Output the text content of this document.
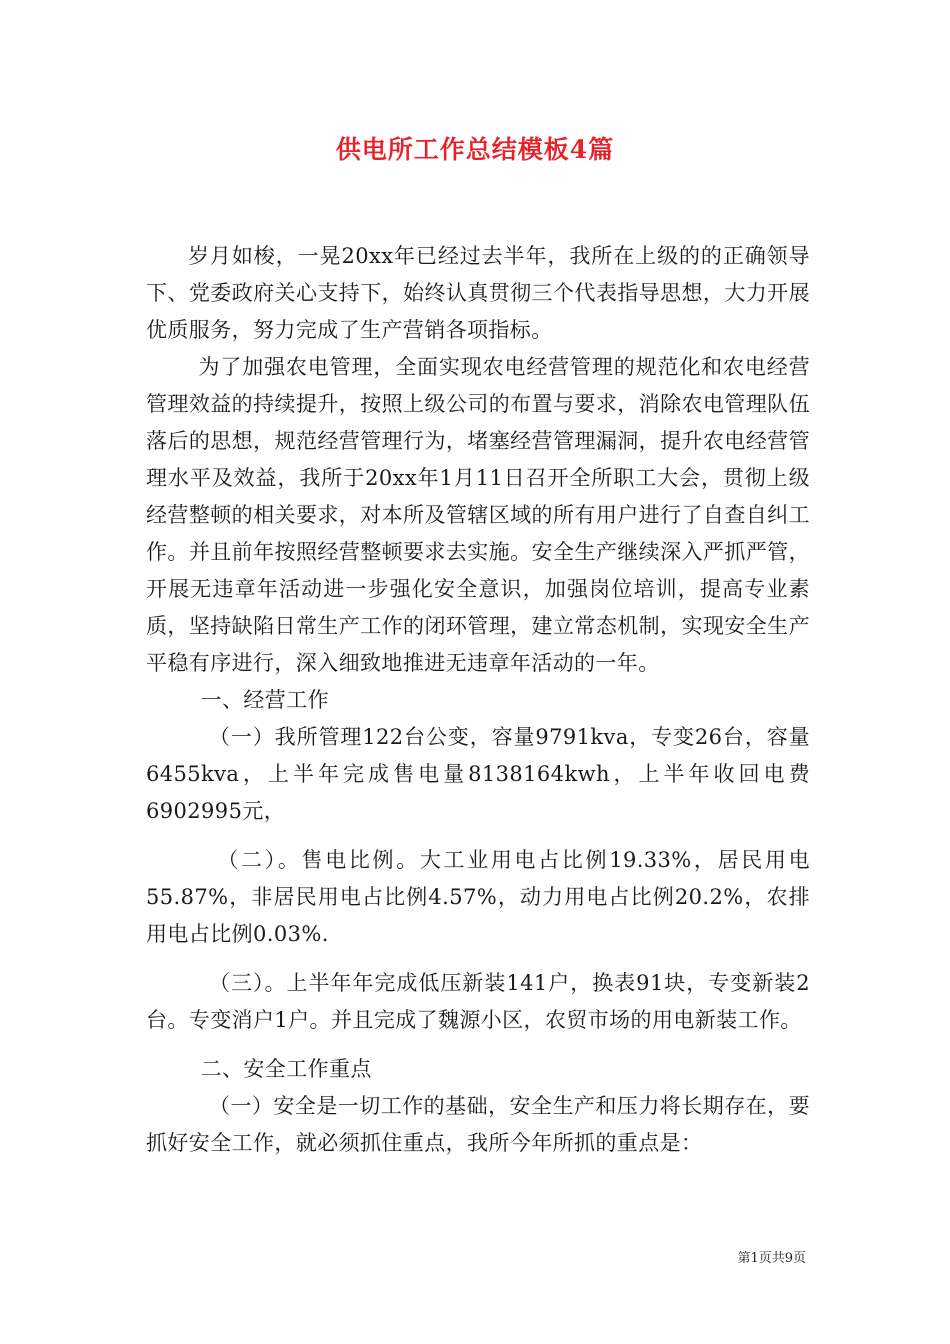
供电所工作总结模板4篇

岁月如梭，一晃20xx年已经过去半年，我所在上级的的正确领导下、党委政府关心支持下，始终认真贯彻三个代表指导思想，大力开展优质服务，努力完成了生产营销各项指标。

为了加强农电管理，全面实现农电经营管理的规范化和农电经营管理效益的持续提升，按照上级公司的布置与要求，消除农电管理队伍落后的思想，规范经营管理行为，堵塞经营管理漏洞，提升农电经营管理水平及效益，我所于20xx年1月11日召开全所职工大会，贯彻上级经营整顿的相关要求，对本所及管辖区域的所有用户进行了自查自纠工作。并且前年按照经营整顿要求去实施。安全生产继续深入严抓严管，开展无违章年活动进一步强化安全意识，加强岗位培训，提高专业素质，坚持缺陷日常生产工作的闭环管理，建立常态机制，实现安全生产平稳有序进行，深入细致地推进无违章年活动的一年。

一、经营工作

（一）我所管理122台公变，容量9791kva，专变26台，容量6455kva，上半年完成售电量8138164kwh，上半年收回电费6902995元，

（二）。售电比例。大工业用电占比例19.33%，居民用电55.87%，非居民用电占比例4.57%，动力用电占比例20.2%，农排用电占比例0.03%.

（三）。上半年年完成低压新装141户，换表91块，专变新装2台。专变消户1户。并且完成了魏源小区，农贸市场的用电新装工作。

二、安全工作重点

（一）安全是一切工作的基础，安全生产和压力将长期存在，要抓好安全工作，就必须抓住重点，我所今年所抓的重点是：

第1页共9页
